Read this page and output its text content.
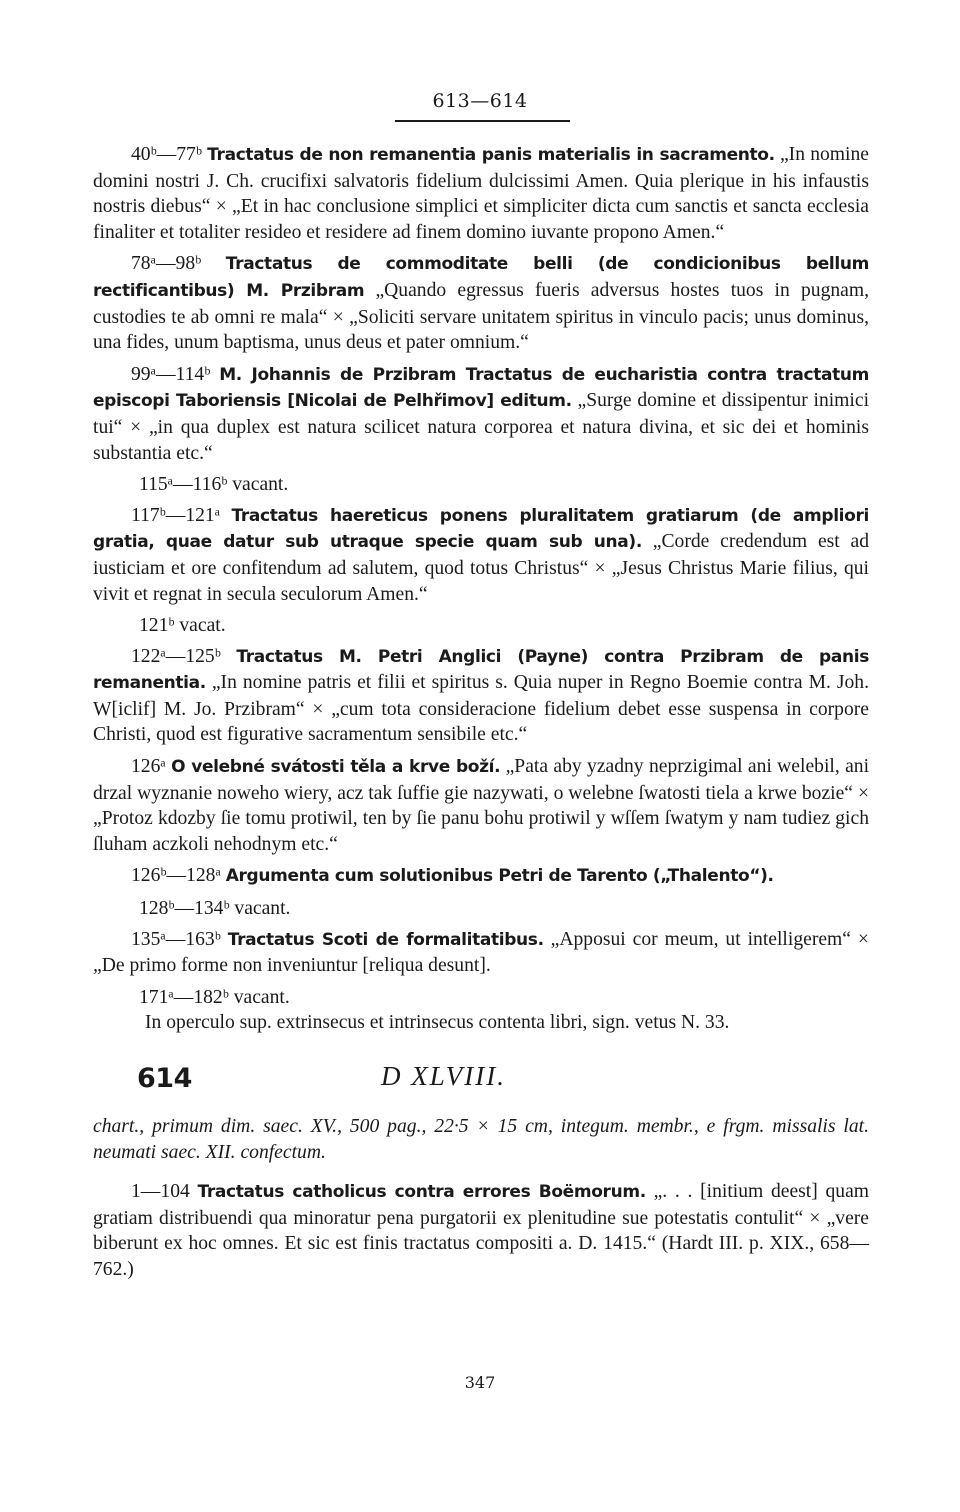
613—614

40ᵇ—77ᵇ Tractatus de non remanentia panis materialis in sacramento. „In nomine domini nostri J. Ch. crucifixi salvatoris fidelium dulcissimi Amen. Quia plerique in his infaustis nostris diebus“ × „Et in hac conclusione simplici et simpliciter dicta cum sanctis et sancta ecclesia finaliter et totaliter resideo et residere ad finem domino iuvante propono Amen.“

78ᵃ—98ᵇ Tractatus de commoditate belli (de condicionibus bellum rectificantibus) M. Przibram „Quando egressus fueris adversus hostes tuos in pugnam, custodies te ab omni re mala“ × „Soliciti servare unitatem spiritus in vinculo pacis; unus dominus, una fides, unum baptisma, unus deus et pater omnium.“

99ᵃ—114ᵇ M. Johannis de Przibram Tractatus de eucharistia contra tractatum episcopi Taboriensis [Nicolai de Pelhřimov] editum. „Surge domine et dissipentur inimici tui“ × „in qua duplex est natura scilicet natura corporea et natura divina, et sic dei et hominis substantia etc.“

115ᵃ—116ᵇ vacant.

117ᵇ—121ᵃ Tractatus haereticus ponens pluralitatem gratiarum (de ampliori gratia, quae datur sub utraque specie quam sub una). „Corde credendum est ad iusticiam et ore confitendum ad salutem, quod totus Christus“ × „Jesus Christus Marie filius, qui vivit et regnat in secula seculorum Amen.“

121ᵇ vacat.

122ᵃ—125ᵇ Tractatus M. Petri Anglici (Payne) contra Przibram de panis remanentia. „In nomine patris et filii et spiritus s. Quia nuper in Regno Boemie contra M. Joh. W[iclif] M. Jo. Przibram“ × „cum tota consideracione fidelium debet esse suspensa in corpore Christi, quod est figurative sacramentum sensibile etc.“

126ᵃ O velebné svátosti těla a krve boží. „Pata aby yzadny neprzigimal ani welebil, ani drzal wyznanie noweho wiery, acz tak ſuffie gie nazywati, o welebne ſwatosti tiela a krwe bozie“ × „Protoz kdozby ſie tomu protiwil, ten by ſie panu bohu protiwil y wſſem ſwatym y nam tudiez gich ſluham aczkoli nehodnym etc.“

126ᵇ—128ᵃ Argumenta cum solutionibus Petri de Tarento („Thalento“).

128ᵇ—134ᵇ vacant.

135ᵃ—163ᵇ Tractatus Scoti de formalitatibus. „Apposui cor meum, ut intelligerem“ × „De primo forme non inveniuntur [reliqua desunt].

171ᵃ—182ᵇ vacant.

In operculo sup. extrinsecus et intrinsecus contenta libri, sign. vetus N. 33.

614	D XLVIII.

chart., primum dim. saec. XV., 500 pag., 22·5 × 15 cm, integum. membr., e frgm. missalis lat. neumati saec. XII. confectum.

1—104 Tractatus catholicus contra errores Boëmorum. „. . . [initium deest] quam gratiam distribuendi qua minoratur pena purgatorii ex plenitudine sue potestatis contulit“ × „vere biberunt ex hoc omnes. Et sic est finis tractatus compositi a. D. 1415.“ (Hardt III. p. XIX., 658—762.)

347
